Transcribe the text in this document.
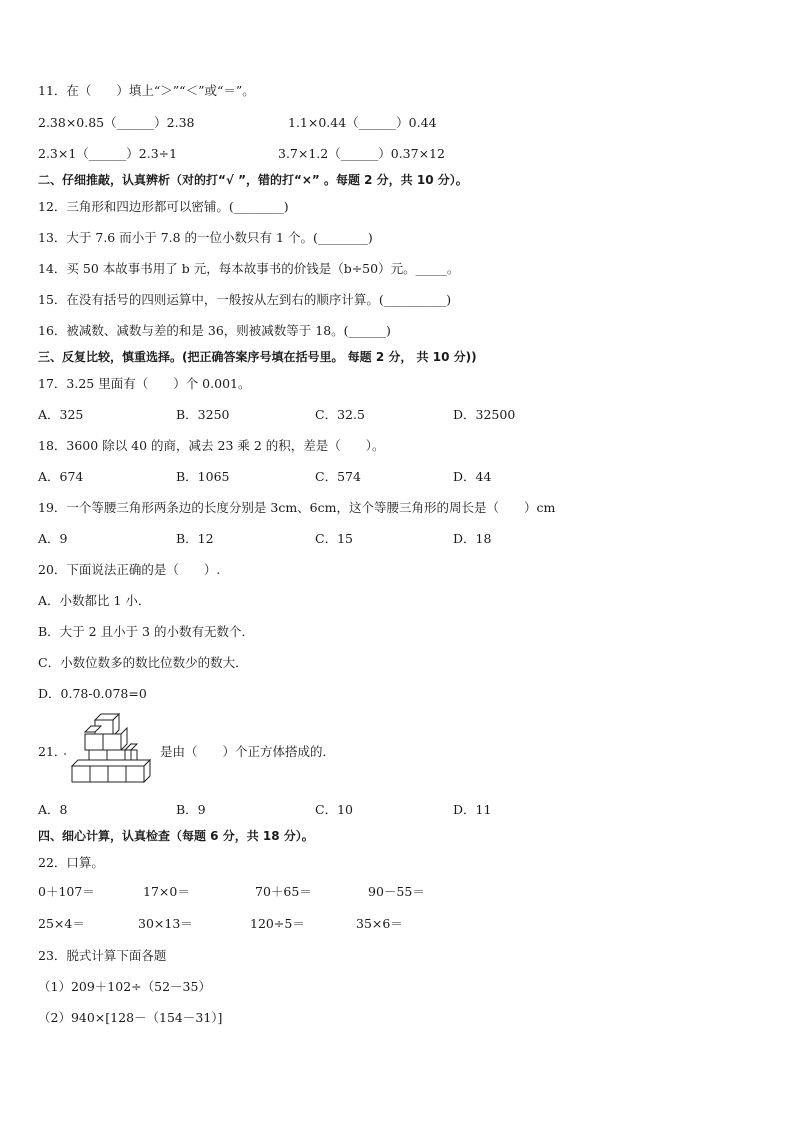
11．在（　　）填上“＞”“＜”或“＝”。
2.38×0.85（______）2.38	1.1×0.44（______）0.44
2.3×1（______）2.3÷1	3.7×1.2（______）0.37×12
二、仔细推敲，认真辨析（对的打“√ ”，错的打“×” 。每题 2 分，共 10 分）。
12．三角形和四边形都可以密铺。(________)
13．大于 7.6 而小于 7.8 的一位小数只有 1 个。(________)
14．买 50 本故事书用了 b 元，每本故事书的价钱是（b÷50）元。_____。
15．在没有括号的四则运算中，一般按从左到右的顺序计算。(__________)
16．被减数、减数与差的和是 36，则被减数等于 18。(______)
三、反复比较，慎重选择。(把正确答案序号填在括号里。 每题 2 分， 共 10 分))
17．3.25 里面有（　　）个 0.001。
A．325	B．3250	C．32.5	D．32500
18．3600 除以 40 的商，减去 23 乘 2 的积，差是（　　）。
A．674	B．1065	C．574	D．44
19．一个等腰三角形两条边的长度分别是 3cm、6cm，这个等腰三角形的周长是（　　）cm
A．9	B．12	C．15	D．18
20．下面说法正确的是（　　）.
A．小数都比 1 小．
B．大于 2 且小于 3 的小数有无数个．
C．小数位数多的数比位数少的数大．
D．0.78-0.078=0
21．	是由（　　）个正方体搭成的．
A．8	B．9	C．10	D．11
四、细心计算，认真检查（每题 6 分，共 18 分）。
22．口算。
0＋107＝	17×0＝	70＋65＝	90－55＝
25×4＝	30×13＝	120÷5＝	35×6＝
23．脱式计算下面各题
（1）209＋102÷（52－35）
（2）940×[128－（154－31）]
